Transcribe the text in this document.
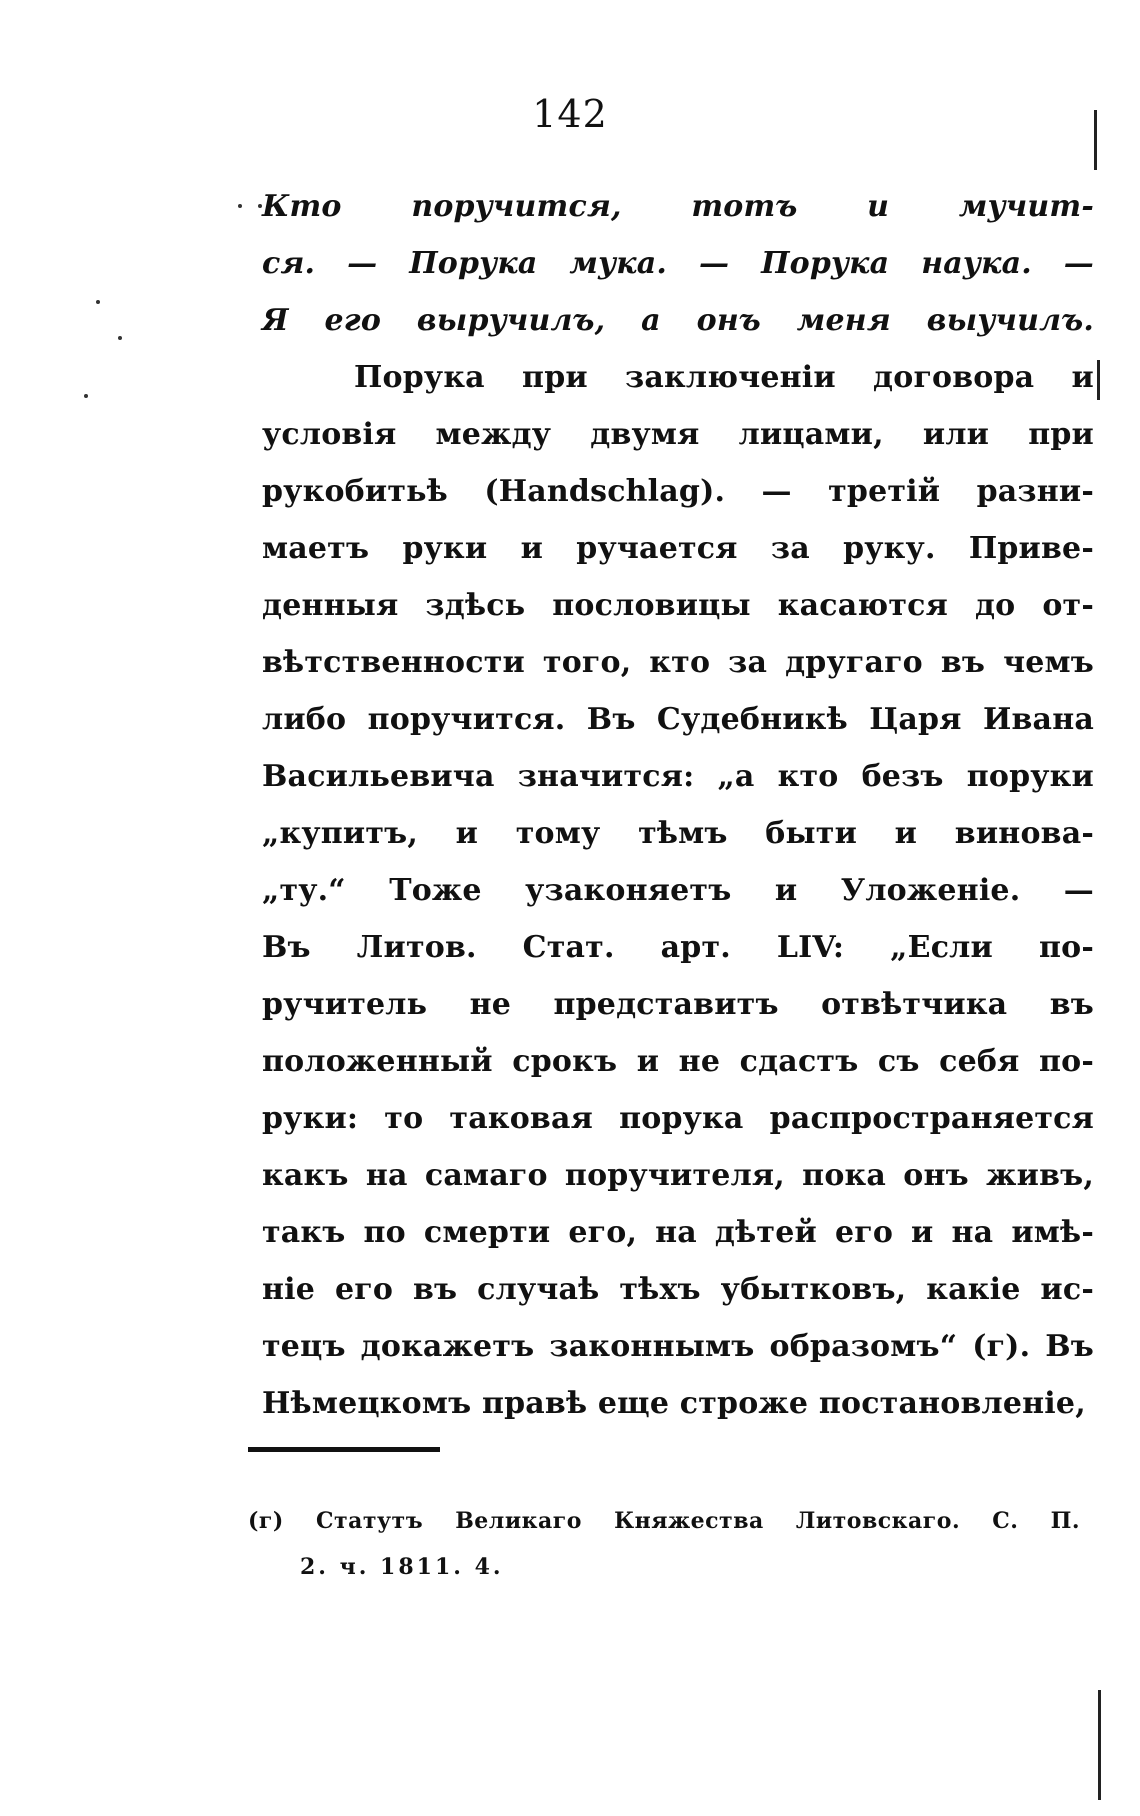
142
Кто поручится, тотъ и мучит-
ся. — Порука мука. — Порука наука. —
Я его выручилъ, а онъ меня выучилъ.
Порука при заключеніи договора и
условія между двумя лицами, или при
рукобитьѣ (Handschlag). — третій разни-
маетъ руки и ручается за руку. Приве-
денныя здѣсь пословицы касаются до от-
вѣтственности того, кто за другаго въ чемъ
либо поручится. Въ Судебникѣ Царя Ивана
Васильевича значится: „а кто безъ поруки
„купитъ, и тому тѣмъ быти и винова-
„ту.“ Тоже узаконяетъ и Уложеніе. —
Въ Литов. Стат. арт. LIV: „Если по-
ручитель не представитъ отвѣтчика въ
положенный срокъ и не сдастъ съ себя по-
руки: то таковая порука распространяется
какъ на самаго поручителя, пока онъ живъ,
такъ по смерти его, на дѣтей его и на имѣ-
ніе его въ случаѣ тѣхъ убытковъ, какіе ис-
тецъ докажетъ законнымъ образомъ“ (г). Въ
Нѣмецкомъ правѣ еще строже постановленіе,
(г) Статутъ Великаго Княжества Литовскаго. С. П.
2. ч. 1811. 4.
